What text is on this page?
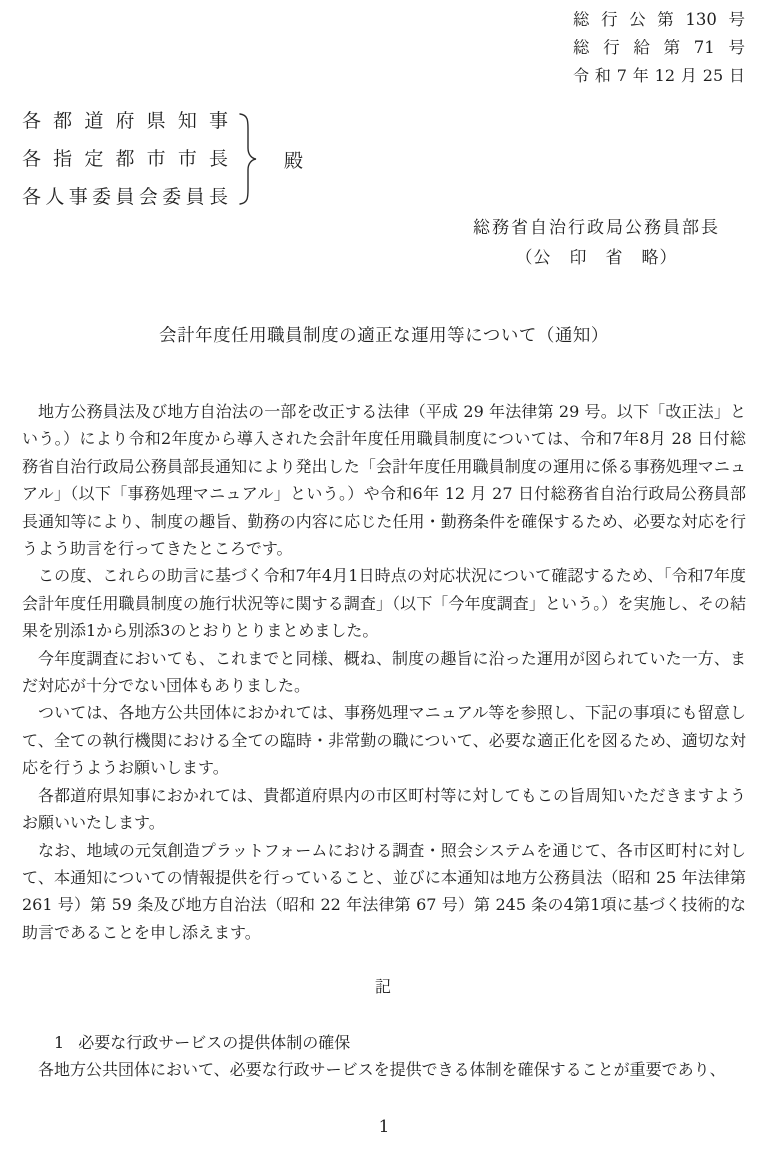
総行公第130号
総行給第71号
令和7年12月25日
各都道府県知事
各指定都市市長
各人事委員会委員長
殿
総務省自治行政局公務員部長
（公　印　省　略）
会計年度任用職員制度の適正な運用等について（通知）

地方公務員法及び地方自治法の一部を改正する法律（平成 29 年法律第 29 号。以下「改正法」という。）により令和2年度から導入された会計年度任用職員制度については、令和7年8月 28 日付総務省自治行政局公務員部長通知により発出した「会計年度任用職員制度の運用に係る事務処理マニュアル」（以下「事務処理マニュアル」という。）や令和6年 12 月 27 日付総務省自治行政局公務員部長通知等により、制度の趣旨、勤務の内容に応じた任用・勤務条件を確保するため、必要な対応を行うよう助言を行ってきたところです。

この度、これらの助言に基づく令和7年4月1日時点の対応状況について確認するため、「令和7年度会計年度任用職員制度の施行状況等に関する調査」（以下「今年度調査」という。）を実施し、その結果を別添1から別添3のとおりとりまとめました。

今年度調査においても、これまでと同様、概ね、制度の趣旨に沿った運用が図られていた一方、まだ対応が十分でない団体もありました。

ついては、各地方公共団体におかれては、事務処理マニュアル等を参照し、下記の事項にも留意して、全ての執行機関における全ての臨時・非常勤の職について、必要な適正化を図るため、適切な対応を行うようお願いします。

各都道府県知事におかれては、貴都道府県内の市区町村等に対してもこの旨周知いただきますようお願いいたします。

なお、地域の元気創造プラットフォームにおける調査・照会システムを通じて、各市区町村に対して、本通知についての情報提供を行っていること、並びに本通知は地方公務員法（昭和 25 年法律第 261 号）第 59 条及び地方自治法（昭和 22 年法律第 67 号）第 245 条の4第1項に基づく技術的な助言であることを申し添えます。

記

1 必要な行政サービスの提供体制の確保

各地方公共団体において、必要な行政サービスを提供できる体制を確保することが重要であり、

1
